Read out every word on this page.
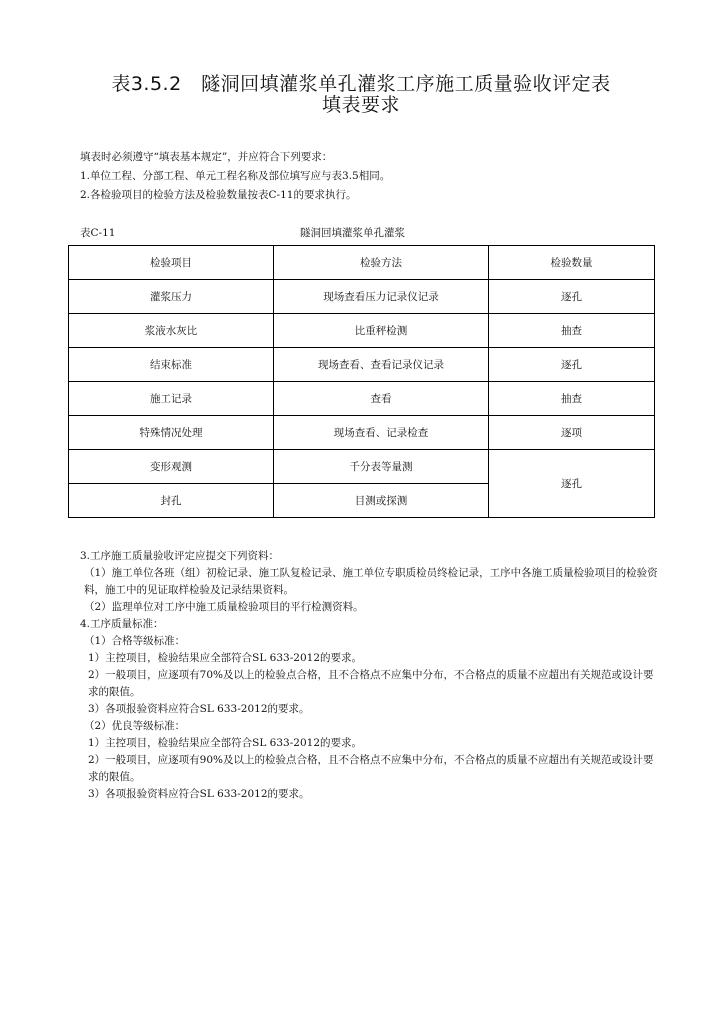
表3.5.2　隧洞回填灌浆单孔灌浆工序施工质量验收评定表
填表要求
填表时必须遵守“填表基本规定”，并应符合下列要求：
1.单位工程、分部工程、单元工程名称及部位填写应与表3.5相同。
2.各检验项目的检验方法及检验数量按表C-11的要求执行。
表C-11	隧洞回填灌浆单孔灌浆
检验项目	检验方法	检验数量
灌浆压力	现场查看压力记录仪记录	逐孔
浆液水灰比	比重秤检测	抽查
结束标准	现场查看、查看记录仪记录	逐孔
施工记录	查看	抽查
特殊情况处理	现场查看、记录检查	逐项
变形观测	千分表等量测	逐孔
封孔	目测或探测	

3.工序施工质量验收评定应提交下列资料：

（1）施工单位各班（组）初检记录、施工队复检记录、施工单位专职质检员终检记录，工序中各施工质量检验项目的检验资料，施工中的见证取样检验及记录结果资料。

（2）监理单位对工序中施工质量检验项目的平行检测资料。

4.工序质量标准：

（1）合格等级标准：

1）主控项目，检验结果应全部符合SL 633-2012的要求。

2）一般项目，应逐项有70%及以上的检验点合格，且不合格点不应集中分布，不合格点的质量不应超出有关规范或设计要求的限值。

3）各项报验资料应符合SL 633-2012的要求。

（2）优良等级标准：

1）主控项目，检验结果应全部符合SL 633-2012的要求。

2）一般项目，应逐项有90%及以上的检验点合格，且不合格点不应集中分布，不合格点的质量不应超出有关规范或设计要求的限值。

3）各项报验资料应符合SL 633-2012的要求。
